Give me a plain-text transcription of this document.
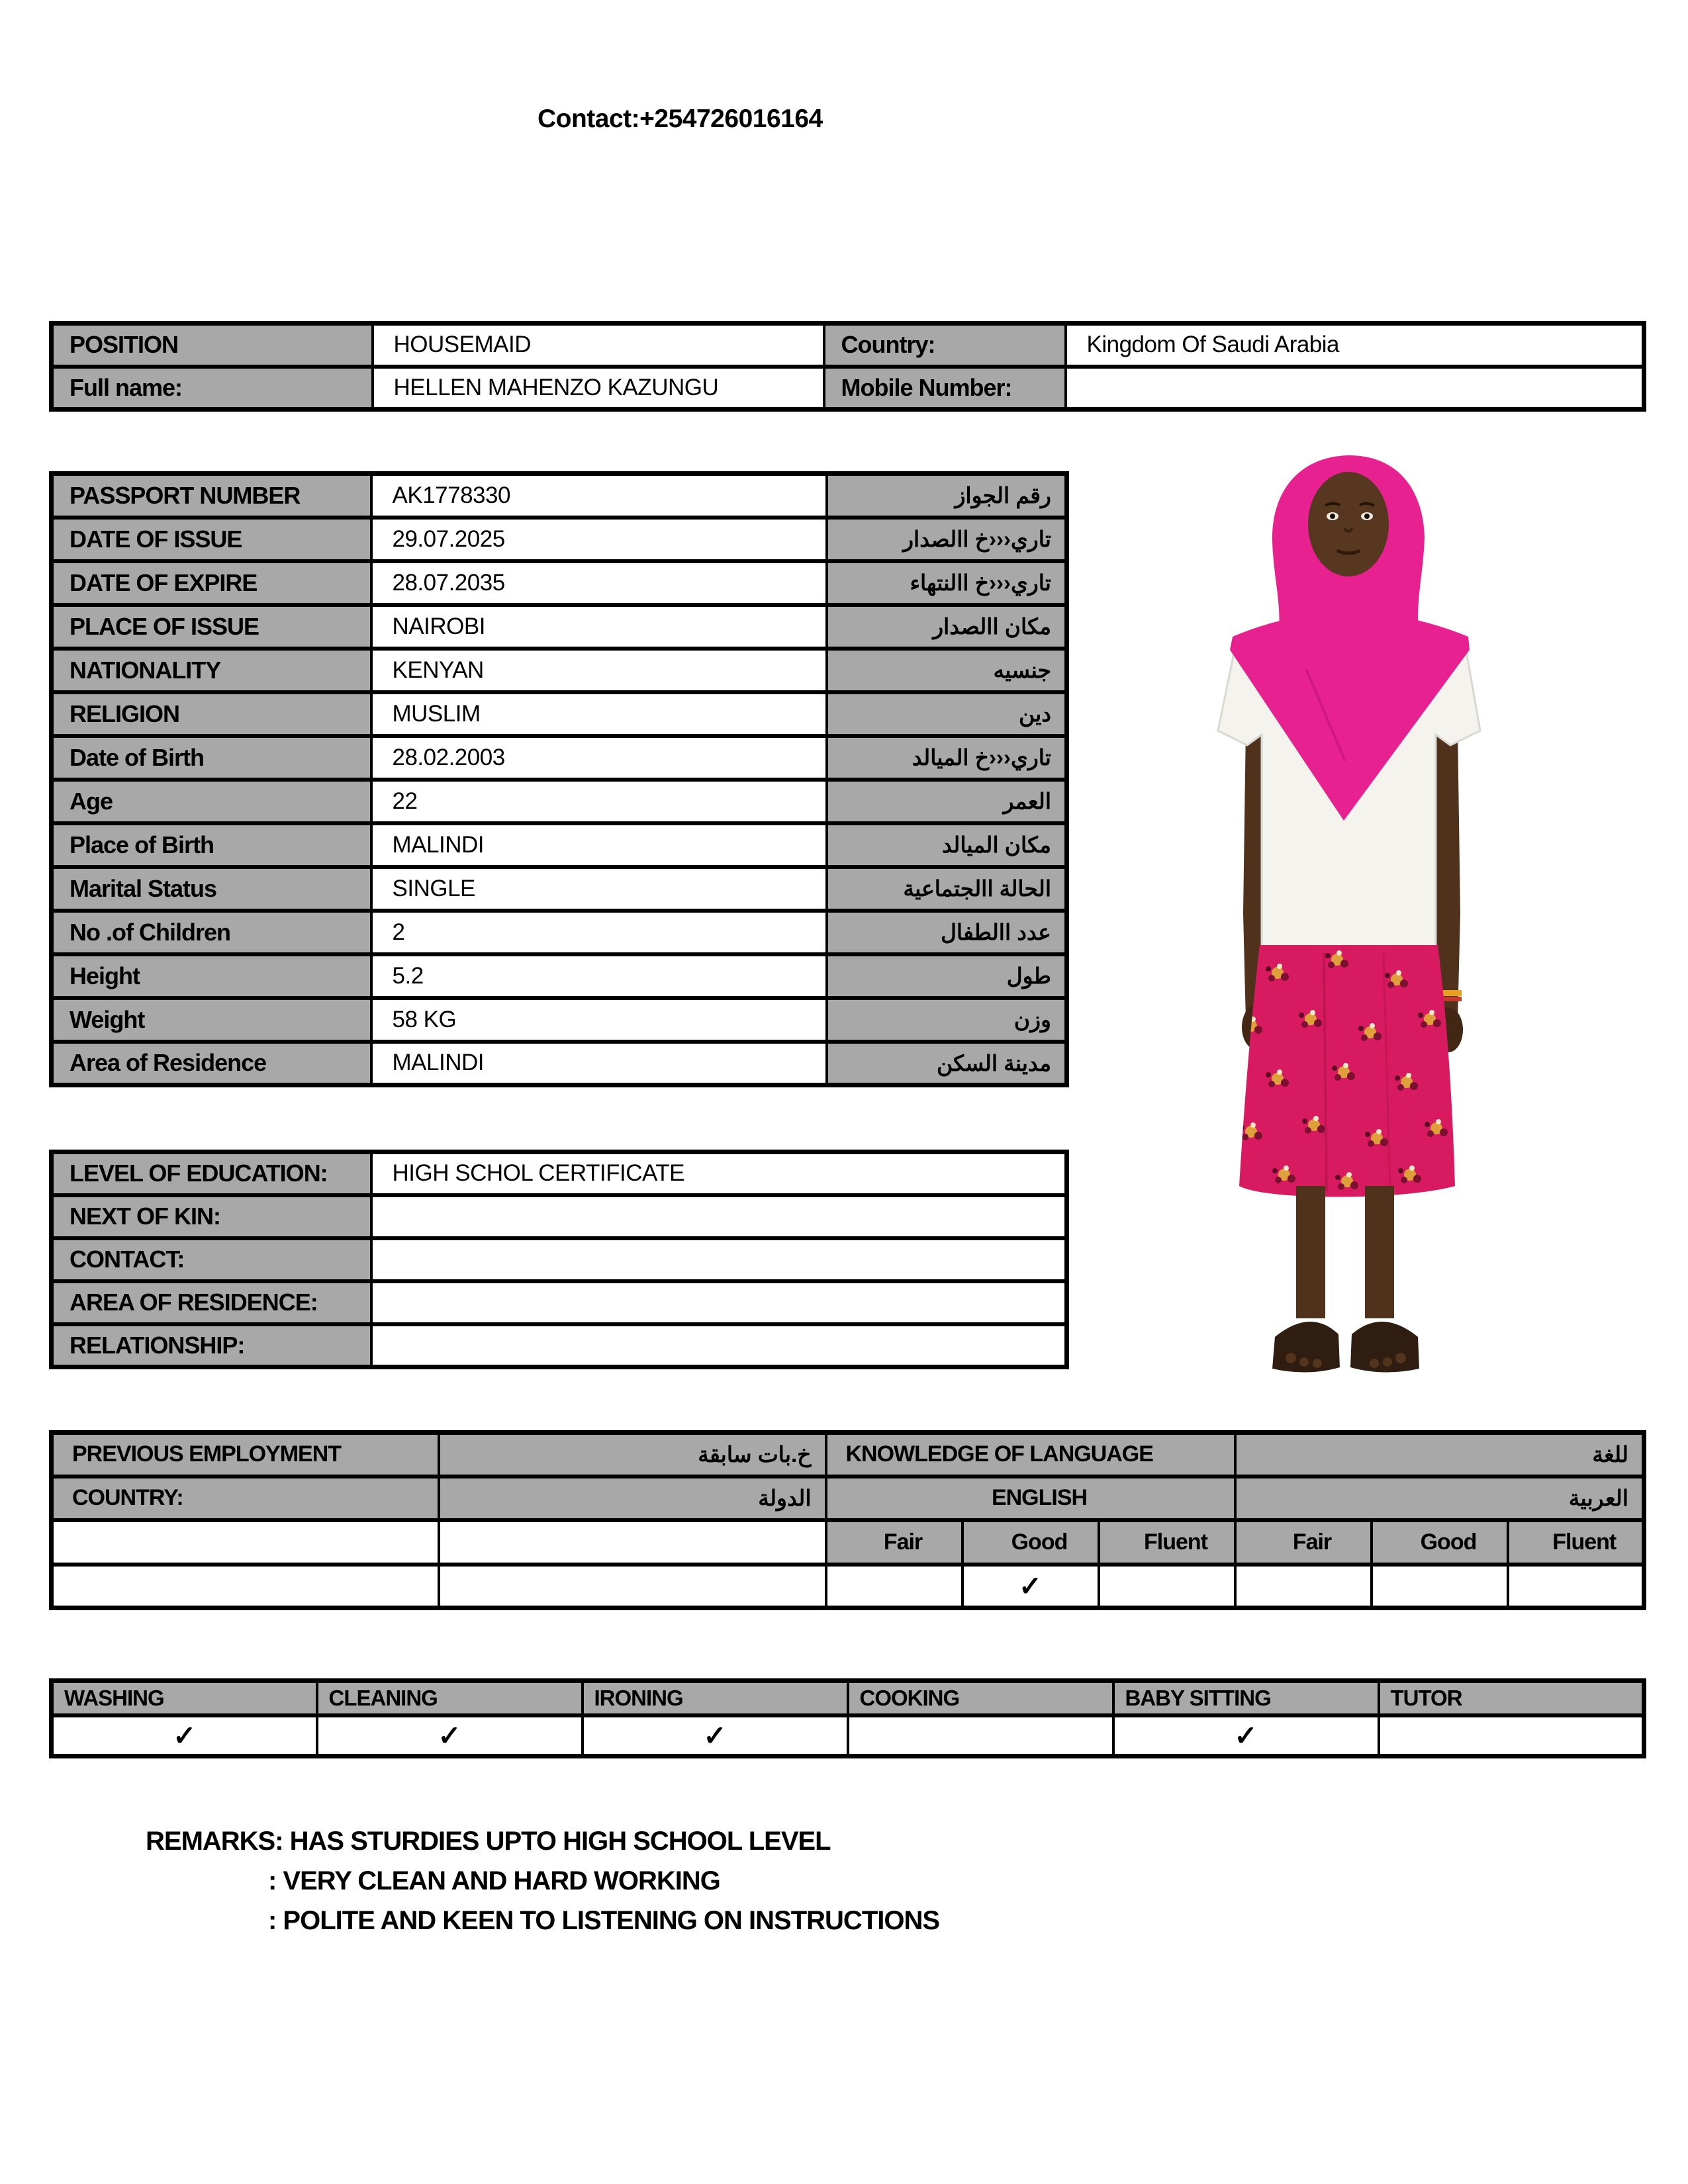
Contact:+254726016164
POSITION	HOUSEMAID	Country:	Kingdom Of Saudi Arabia
Full name:	HELLEN MAHENZO KAZUNGU	Mobile Number:	
PASSPORT NUMBER	AK1778330	رقم الجواز
DATE OF ISSUE	29.07.2025	تاري‹‹‹خ االصدار
DATE OF EXPIRE	28.07.2035	تاري‹‹‹خ االنتهاء
PLACE OF ISSUE	NAIROBI	مكان االصدار
NATIONALITY	KENYAN	جنسيه
RELIGION	MUSLIM	دين
Date of Birth	28.02.2003	تاري‹‹‹خ الميالد
Age	22	العمر
Place of Birth	MALINDI	مكان الميالد
Marital Status	SINGLE	الحالة االجتماعية
No .of Children	2	عدد االطفال
Height	5.2	طول
Weight	58 KG	وزن
Area of Residence	MALINDI	مدينة السكن
LEVEL OF EDUCATION:	HIGH SCHOL CERTIFICATE
NEXT OF KIN:	
CONTACT:	
AREA OF RESIDENCE:	
RELATIONSHIP:	
PREVIOUS EMPLOYMENT	خ.بات سابقة	KNOWLEDGE OF LANGUAGE			للغة		
COUNTRY:	الدولة	ENGLISH			العربية		
		Fair	Good	Fluent	Fair	Good	Fluent
			✓				
WASHING	CLEANING	IRONING	COOKING	BABY SITTING	TUTOR
✓	✓	✓		✓	
REMARKS: HAS STURDIES UPTO HIGH SCHOOL LEVEL
: VERY CLEAN AND HARD WORKING
: POLITE AND KEEN TO LISTENING ON INSTRUCTIONS
